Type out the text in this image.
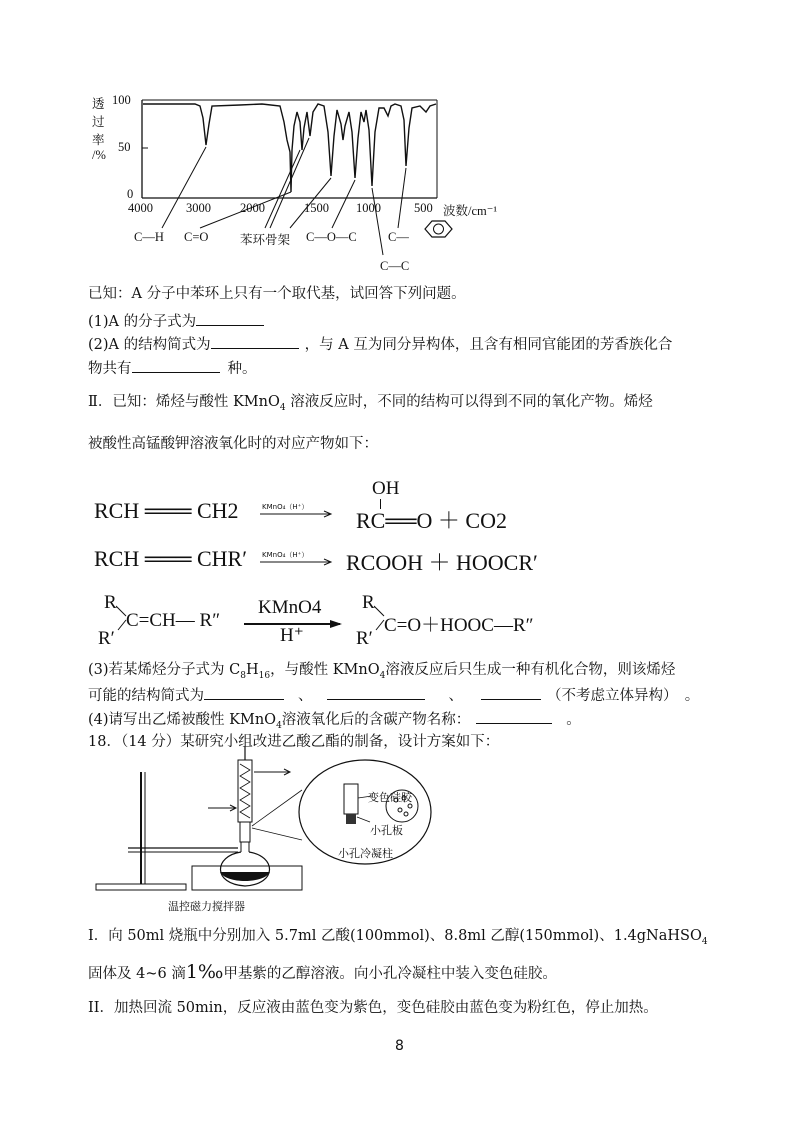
透
过
率
/%
100
50
0
4000	3000 2000	1500 1000	500 波数/cm⁻¹
C—H C=O	苯环骨架 C—O—C	C—
C—C
已知：A 分子中苯环上只有一个取代基，试回答下列问题。
(1)A 的分子式为
(2)A 的结构简式为	，与 A 互为同分异构体，且含有相同官能团的芳香族化合
物共有	种。
Ⅱ．已知：烯烃与酸性 KMnO$_4$ 溶液反应时，不同的结构可以得到不同的氧化产物。烯烃
被酸性高锰酸钾溶液氧化时的对应产物如下：
RCH ═══ CH2	KMnO₄（H⁺）
OH
RC══O ＋ CO2
RCH ═══ CHR′ KMnO₄（H⁺） RCOOH ＋ HOOCR′
R
R′
C=CH— R″
KMnO4
H⁺
R
R′
C=O＋HOOC—R″
(3)若某烯烃分子式为 $C_8H_{16}$，与酸性 KMnO$_4$溶液反应后只生成一种有机化合物，则该烯烃
可能的结构简式为	、	、	（不考虑立体异构）　。
(4)请写出乙烯被酸性 KMnO$_4$溶液氧化后的含碳产物名称：	。
18．（14 分）某研究小组改进乙酸乙酯的制备，设计方案如下：
变色硅胶
小孔板
小孔冷凝柱
温控磁力搅拌器
I．向 50ml 烧瓶中分别加入 5.7ml 乙酸(100mmol)、8.8ml 乙醇(150mmol)、1.4gNaHSO$_4$
固体及 4~6 滴1‰甲基紫的乙醇溶液。向小孔冷凝柱中装入变色硅胶。
II．加热回流 50min，反应液由蓝色变为紫色，变色硅胶由蓝色变为粉红色，停止加热。
8
